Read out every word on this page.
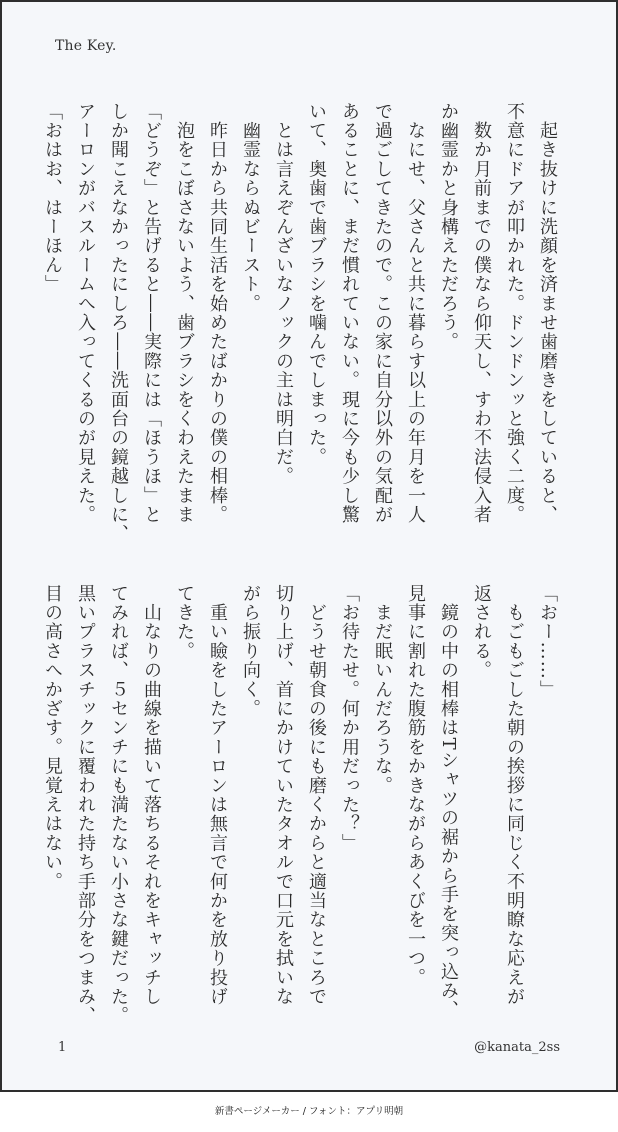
The Key.
　起き抜けに洗顔を済ませ歯磨きをしていると、
不意にドアが叩かれた。ドンドンッと強く二度。
　数か月前までの僕なら仰天し、すわ不法侵入者
か幽霊かと身構えただろう。
　なにせ、父さんと共に暮らす以上の年月を一人
で過ごしてきたので。この家に自分以外の気配が
あることに、まだ慣れていない。現に今も少し驚
いて、奥歯で歯ブラシを噛んでしまった。
　とは言えぞんざいなノックの主は明白だ。
　幽霊ならぬビースト。
　昨日から共同生活を始めたばかりの僕の相棒。
　泡をこぼさないよう、歯ブラシをくわえたまま
「どうぞ」と告げると――実際には「ほうほ」と
しか聞こえなかったにしろ――洗面台の鏡越しに、
アーロンがバスルームへ入ってくるのが見えた。
「おはお、はーほん」
「おー……」
　もごもごした朝の挨拶に同じく不明瞭な応えが
返される。
　鏡の中の相棒はTシャツの裾から手を突っ込み、
見事に割れた腹筋をかきながらあくびを一つ。
　まだ眠いんだろうな。
「お待たせ。何か用だった？」
　どうせ朝食の後にも磨くからと適当なところで
切り上げ、首にかけていたタオルで口元を拭いな
がら振り向く。
　重い瞼をしたアーロンは無言で何かを放り投げ
てきた。
　山なりの曲線を描いて落ちるそれをキャッチし
てみれば、５センチにも満たない小さな鍵だった。
黒いプラスチックに覆われた持ち手部分をつまみ、
目の高さへかざす。見覚えはない。
1	@kanata_2ss
新書ページメーカー / フォント：アプリ明朝
